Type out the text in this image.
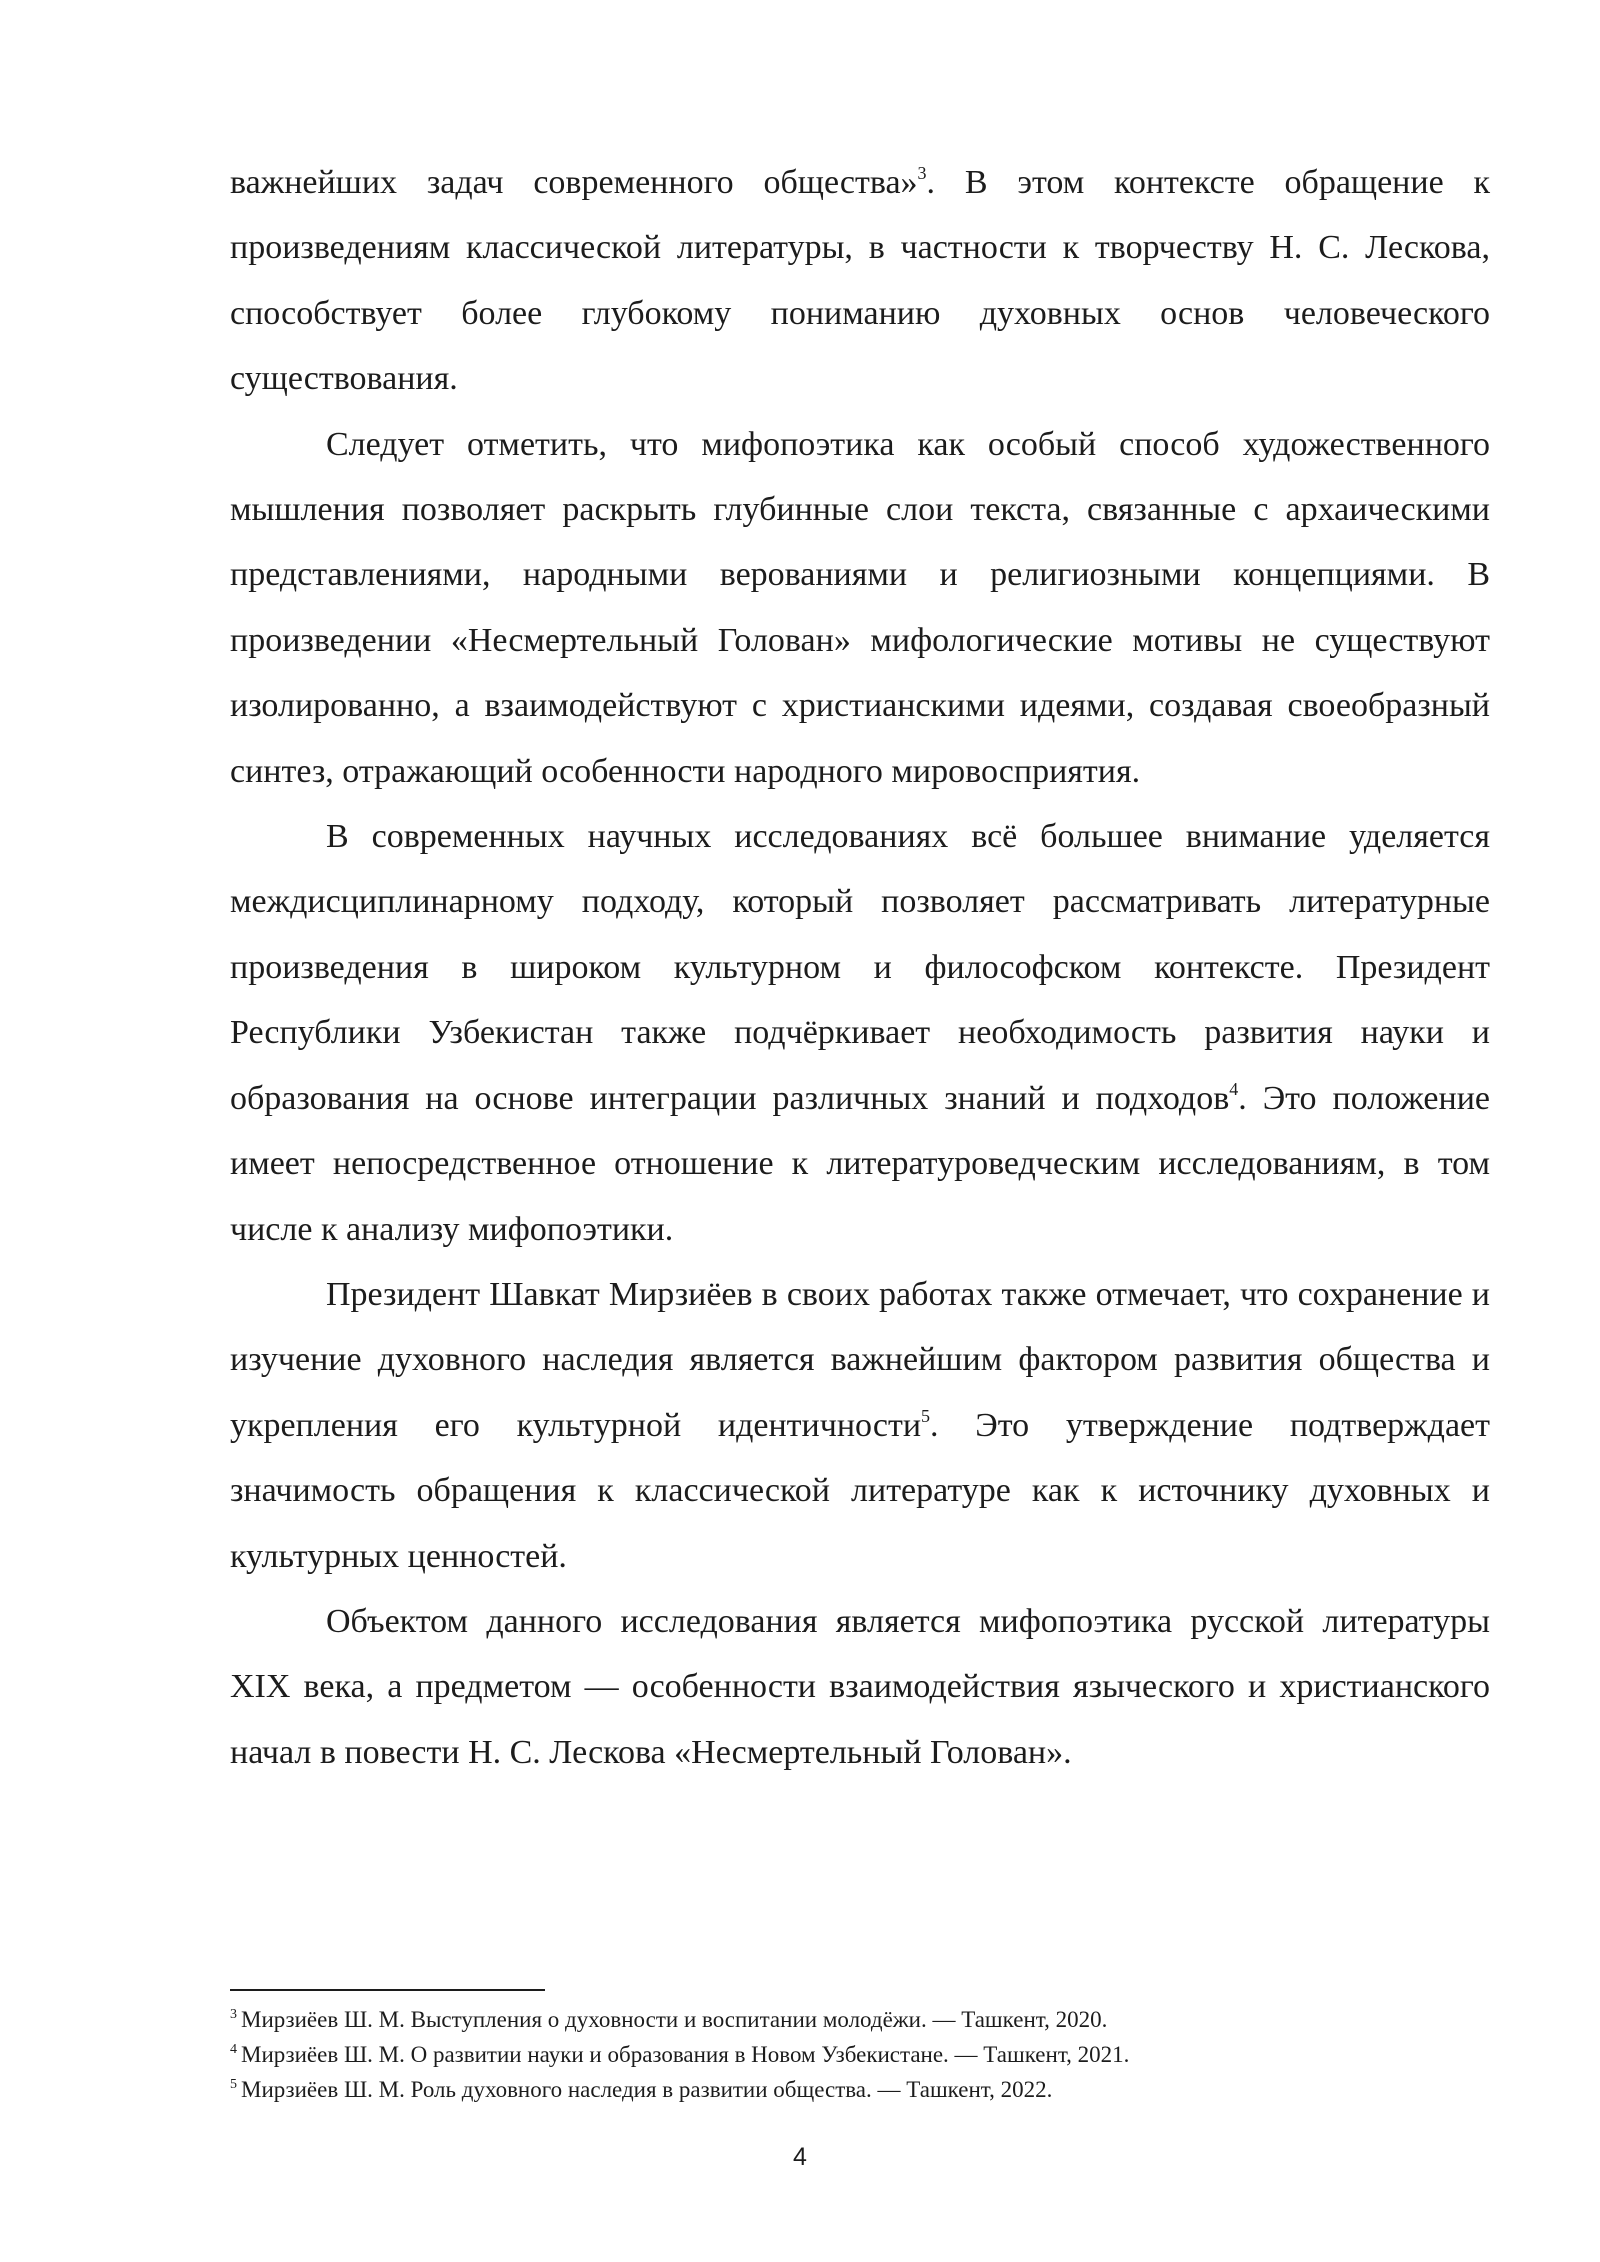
важнейших задач современного общества»$^3$. В этом контексте обращение к произведениям классической литературы, в частности к творчеству Н. С. Лескова, способствует более глубокому пониманию духовных основ человеческого существования.

Следует отметить, что мифопоэтика как особый способ художественного мышления позволяет раскрыть глубинные слои текста, связанные с архаическими представлениями, народными верованиями и религиозными концепциями. В произведении «Несмертельный Голован» мифологические мотивы не существуют изолированно, а взаимодействуют с христианскими идеями, создавая своеобразный синтез, отражающий особенности народного мировосприятия.

В современных научных исследованиях всё большее внимание уделяется междисциплинарному подходу, который позволяет рассматривать литературные произведения в широком культурном и философском контексте. Президент Республики Узбекистан также подчёркивает необходимость развития науки и образования на основе интеграции различных знаний и подходов$^4$. Это положение имеет непосредственное отношение к литературоведческим исследованиям, в том числе к анализу мифопоэтики.

Президент Шавкат Мирзиёев в своих работах также отмечает, что сохранение и изучение духовного наследия является важнейшим фактором развития общества и укрепления его культурной идентичности$^5$. Это утверждение подтверждает значимость обращения к классической литературе как к источнику духовных и культурных ценностей.

Объектом данного исследования является мифопоэтика русской литературы XIX века, а предметом — особенности взаимодействия языческого и христианского начал в повести Н. С. Лескова «Несмертельный Голован».

$^3$ Мирзиёев Ш. М. Выступления о духовности и воспитании молодёжи. — Ташкент, 2020.

$^4$ Мирзиёев Ш. М. О развитии науки и образования в Новом Узбекистане. — Ташкент, 2021.

$^5$ Мирзиёев Ш. М. Роль духовного наследия в развитии общества. — Ташкент, 2022.

4
